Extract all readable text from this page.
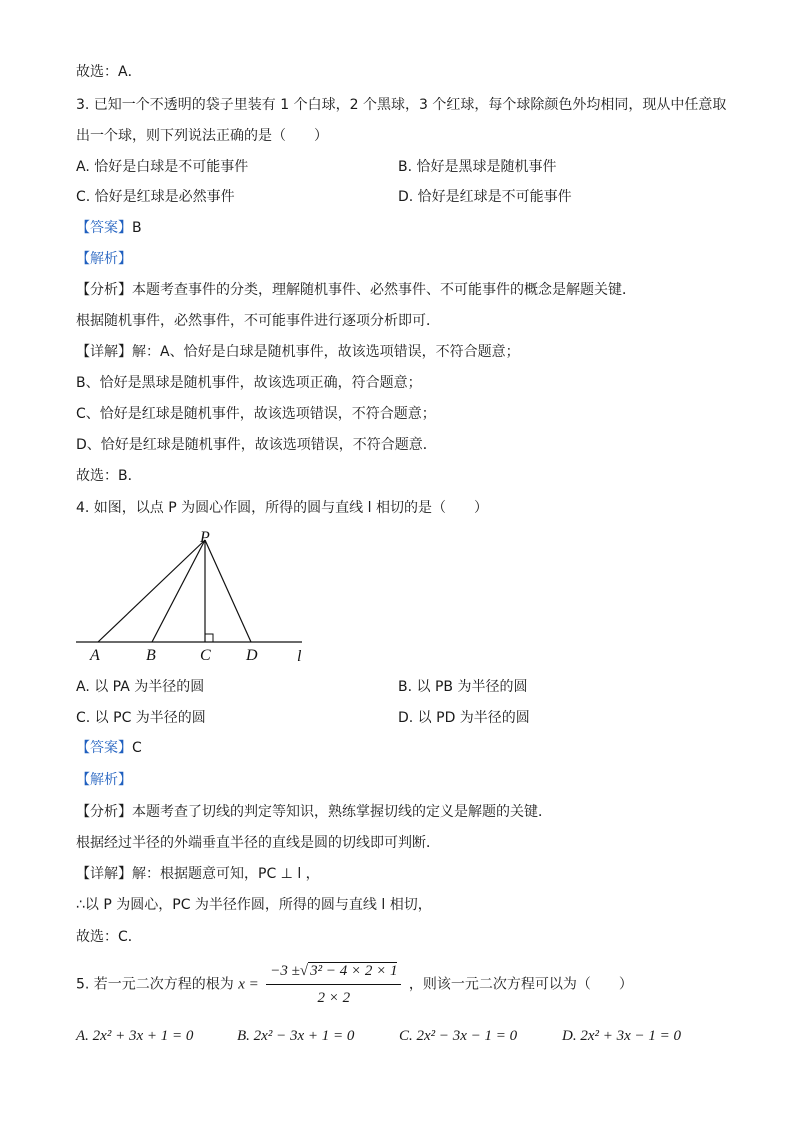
故选：A．
3. 已知一个不透明的袋子里装有 1 个白球，2 个黑球，3 个红球，每个球除颜色外均相同，现从中任意取
出一个球，则下列说法正确的是（　　）
A. 恰好是白球是不可能事件	B. 恰好是黑球是随机事件
C. 恰好是红球是必然事件	D. 恰好是红球是不可能事件
【答案】B
【解析】
【分析】本题考查事件的分类，理解随机事件、必然事件、不可能事件的概念是解题关键．
根据随机事件，必然事件，不可能事件进行逐项分析即可．
【详解】解：A、恰好是白球是随机事件，故该选项错误，不符合题意；
B、恰好是黑球是随机事件，故该选项正确，符合题意；
C、恰好是红球是随机事件，故该选项错误，不符合题意；
D、恰好是红球是随机事件，故该选项错误，不符合题意．
故选：B．
4. 如图，以点 P 为圆心作圆，所得的圆与直线 l 相切的是（　　）
P
A	B	C D l
A. 以 PA 为半径的圆	B. 以 PB 为半径的圆
C. 以 PC 为半径的圆	D. 以 PD 为半径的圆
【答案】C
【解析】
【分析】本题考查了切线的判定等知识，熟练掌握切线的定义是解题的关键．
根据经过半径的外端垂直半径的直线是圆的切线即可判断．
【详解】解：根据题意可知，PC ⊥ l ，
∴以 P 为圆心，PC 为半径作圆，所得的圆与直线 l 相切，
故选：C．
5. 若一元二次方程的根为 $x = \frac{\text{−3 ±√ 3² − 4 × 2 × 1}}{2 \times 2}$ ，则该一元二次方程可以为（　　）
A. 2x² + 3x + 1 = 0	B. 2x² − 3x + 1 = 0	C. 2x² − 3x − 1 = 0	D. 2x² + 3x − 1 = 0
